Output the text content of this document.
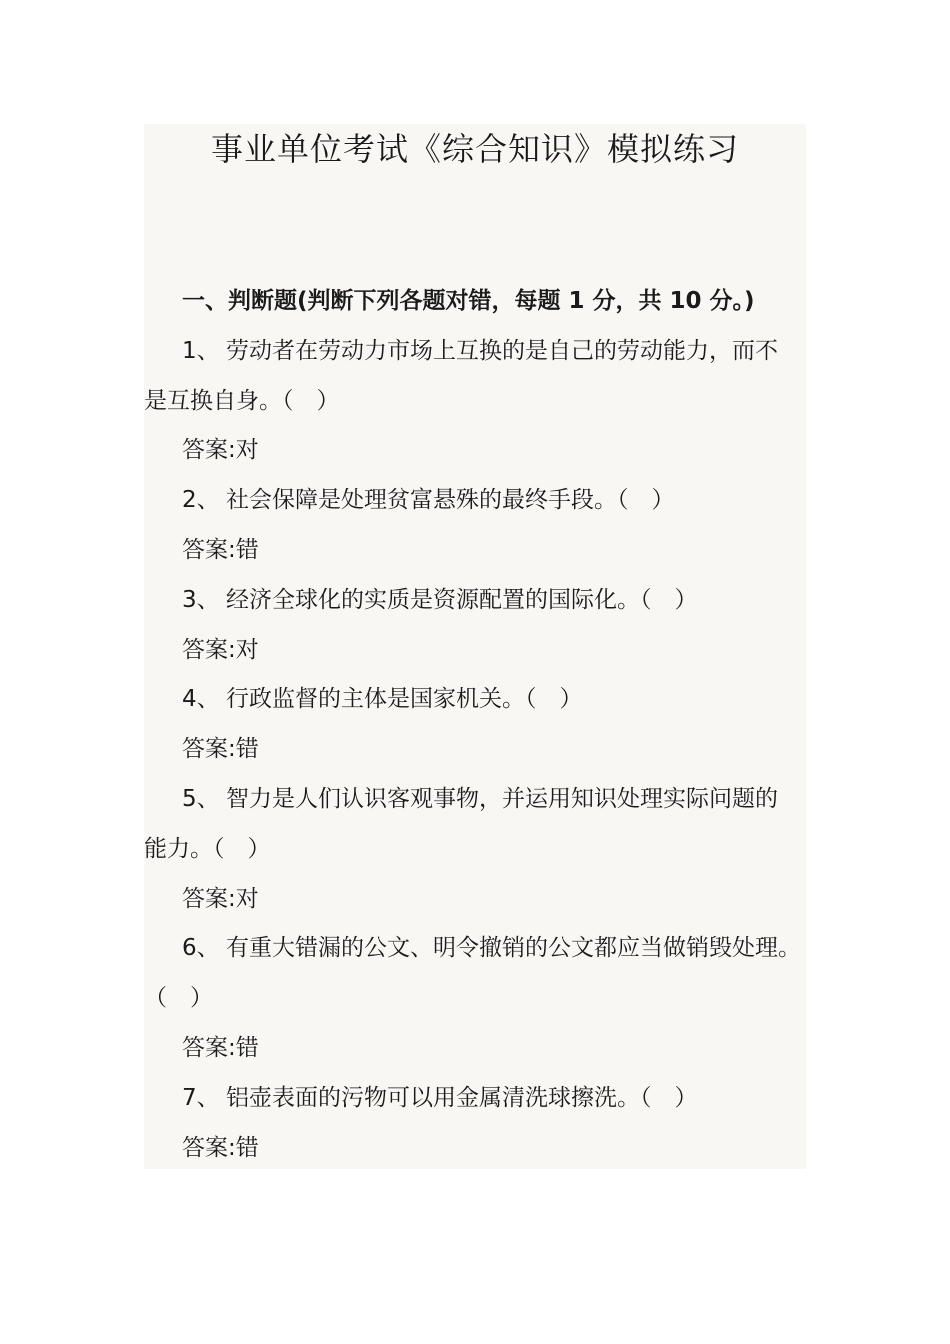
事业单位考试《综合知识》模拟练习
一、判断题(判断下列各题对错，每题 1 分，共 10 分。)
1、 劳动者在劳动力市场上互换的是自己的劳动能力，而不
是互换自身。（　）
答案:对
2、 社会保障是处理贫富悬殊的最终手段。（　）
答案:错
3、 经济全球化的实质是资源配置的国际化。（　）
答案:对
4、 行政监督的主体是国家机关。（　）
答案:错
5、 智力是人们认识客观事物，并运用知识处理实际问题的
能力。（　）
答案:对
6、 有重大错漏的公文、明令撤销的公文都应当做销毁处理。
（　）
答案:错
7、 铝壶表面的污物可以用金属清洗球擦洗。（　）
答案:错
